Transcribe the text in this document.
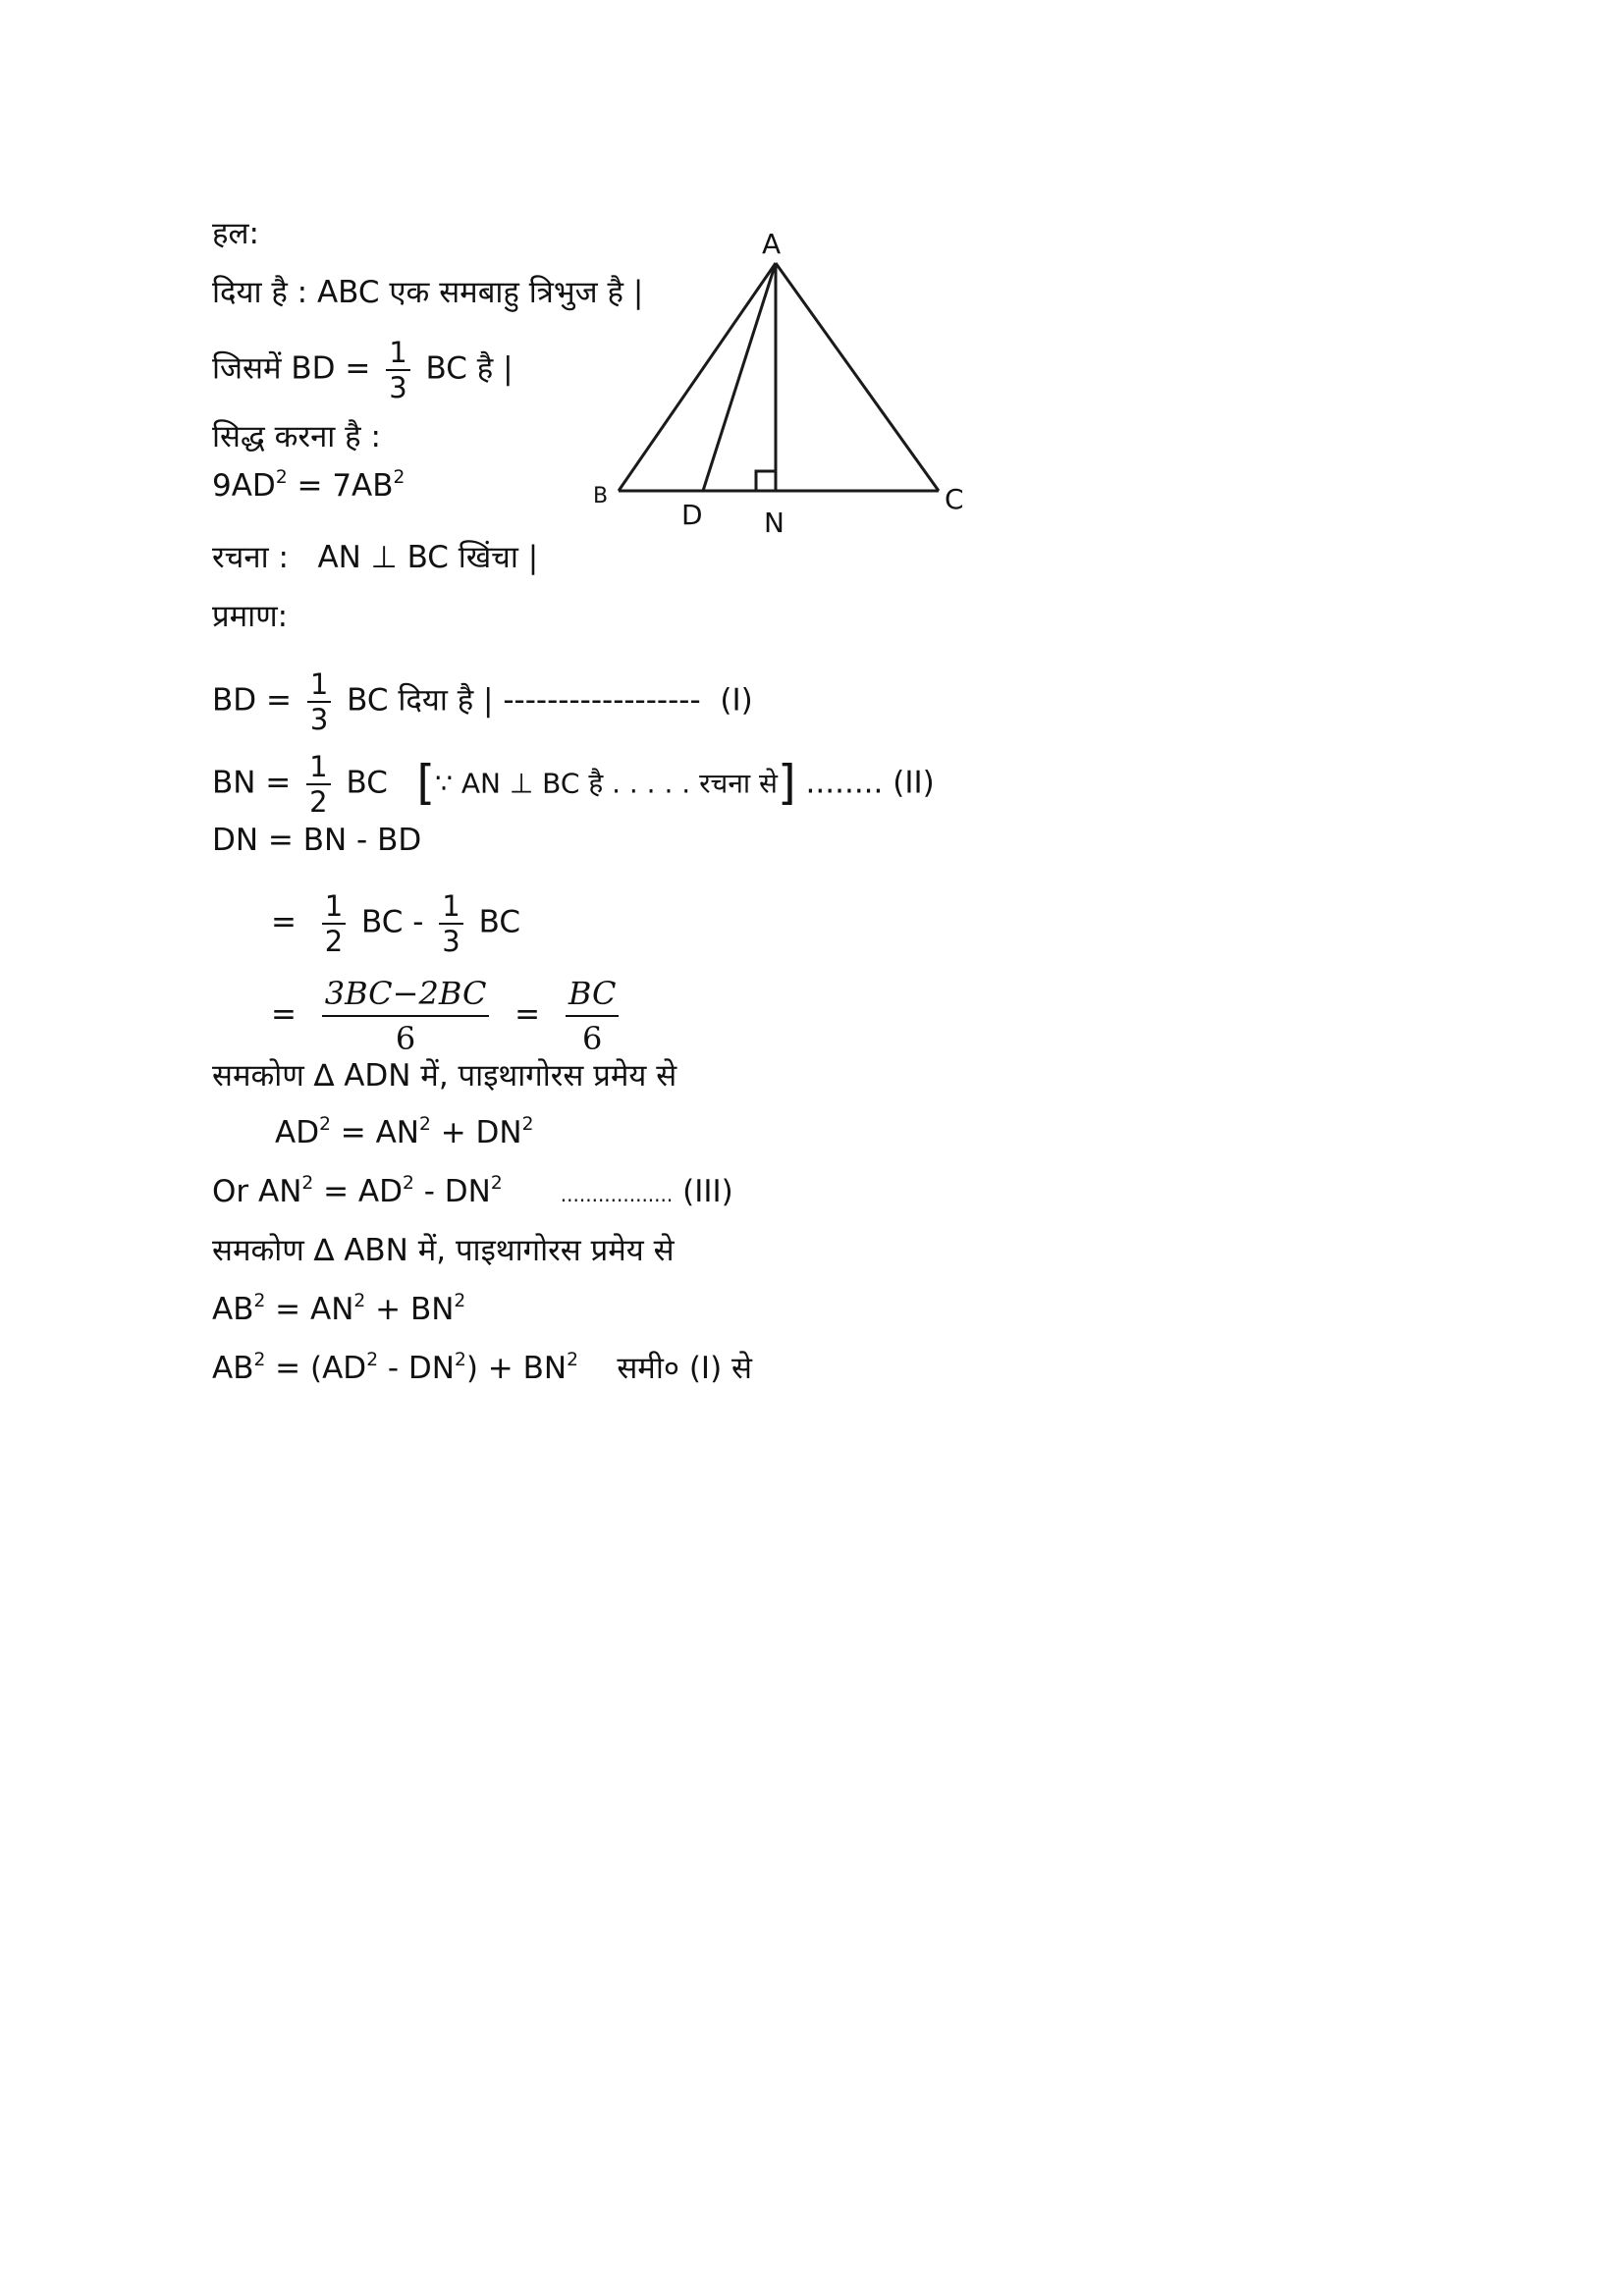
हल:
दिया है : ABC एक समबाहु त्रिभुज है |
जिसमें BD = $\frac{1}{3}$ BC है |
सिद्ध करना है :
$9AD^2 = 7AB^2$
रचना : AN ⊥ BC खिंचा |
प्रमाण:
BD = $\frac{1}{3}$ BC दिया है | ------------------ (I)
BN = $\frac{1}{2}$ BC [∵ AN ⊥ BC है . . . . . रचना से] ........ (II)
DN = BN - BD
= $\frac{1}{2}$ BC - $\frac{1}{3}$ BC
= $\frac{3BC-2BC}{6} = \frac{BC}{6}$
समकोण ∆ ADN में, पाइथागोरस प्रमेय से
$AD^2 = AN^2 + DN^2$
Or $AN^2 = AD^2 - DN^2$	.................. (III)
समकोण ∆ ABN में, पाइथागोरस प्रमेय से
$AB^2 = AN^2 + BN^2$
$AB^2 = (AD^2 - DN^2) + BN^2$ समी० (I) से
A
B	C
D N
